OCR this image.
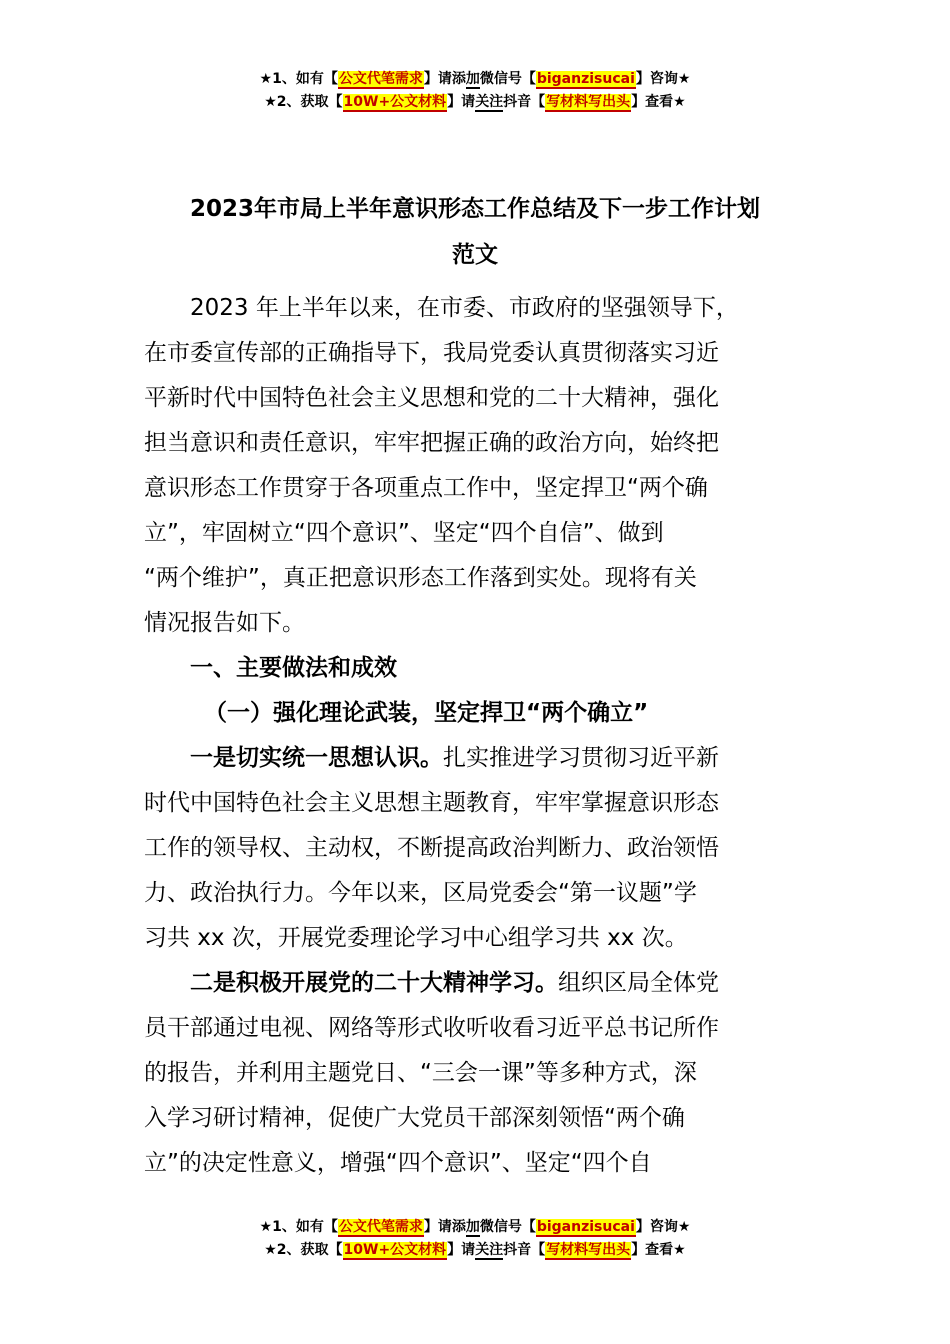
★1、如有【公文代笔需求】请添加微信号【biganzisucai】咨询★
★2、获取【10W+公文材料】请关注抖音【写材料写出头】查看★
2023年市局上半年意识形态工作总结及下一步工作计划
范文

2023 年上半年以来，在市委、市政府的坚强领导下，
在市委宣传部的正确指导下，我局党委认真贯彻落实习近
平新时代中国特色社会主义思想和党的二十大精神，强化
担当意识和责任意识，牢牢把握正确的政治方向，始终把
意识形态工作贯穿于各项重点工作中，坚定捍卫“两个确
立”，牢固树立“四个意识”、坚定“四个自信”、做到
“两个维护”，真正把意识形态工作落到实处。现将有关
情况报告如下。

一、主要做法和成效
（一）强化理论武装，坚定捍卫“两个确立”

一是切实统一思想认识。扎实推进学习贯彻习近平新
时代中国特色社会主义思想主题教育，牢牢掌握意识形态
工作的领导权、主动权，不断提高政治判断力、政治领悟
力、政治执行力。今年以来，区局党委会“第一议题”学
习共 xx 次，开展党委理论学习中心组学习共 xx 次。

二是积极开展党的二十大精神学习。组织区局全体党
员干部通过电视、网络等形式收听收看习近平总书记所作
的报告，并利用主题党日、“三会一课”等多种方式，深
入学习研讨精神，促使广大党员干部深刻领悟“两个确
立”的决定性意义，增强“四个意识”、坚定“四个自

★1、如有【公文代笔需求】请添加微信号【biganzisucai】咨询★
★2、获取【10W+公文材料】请关注抖音【写材料写出头】查看★
